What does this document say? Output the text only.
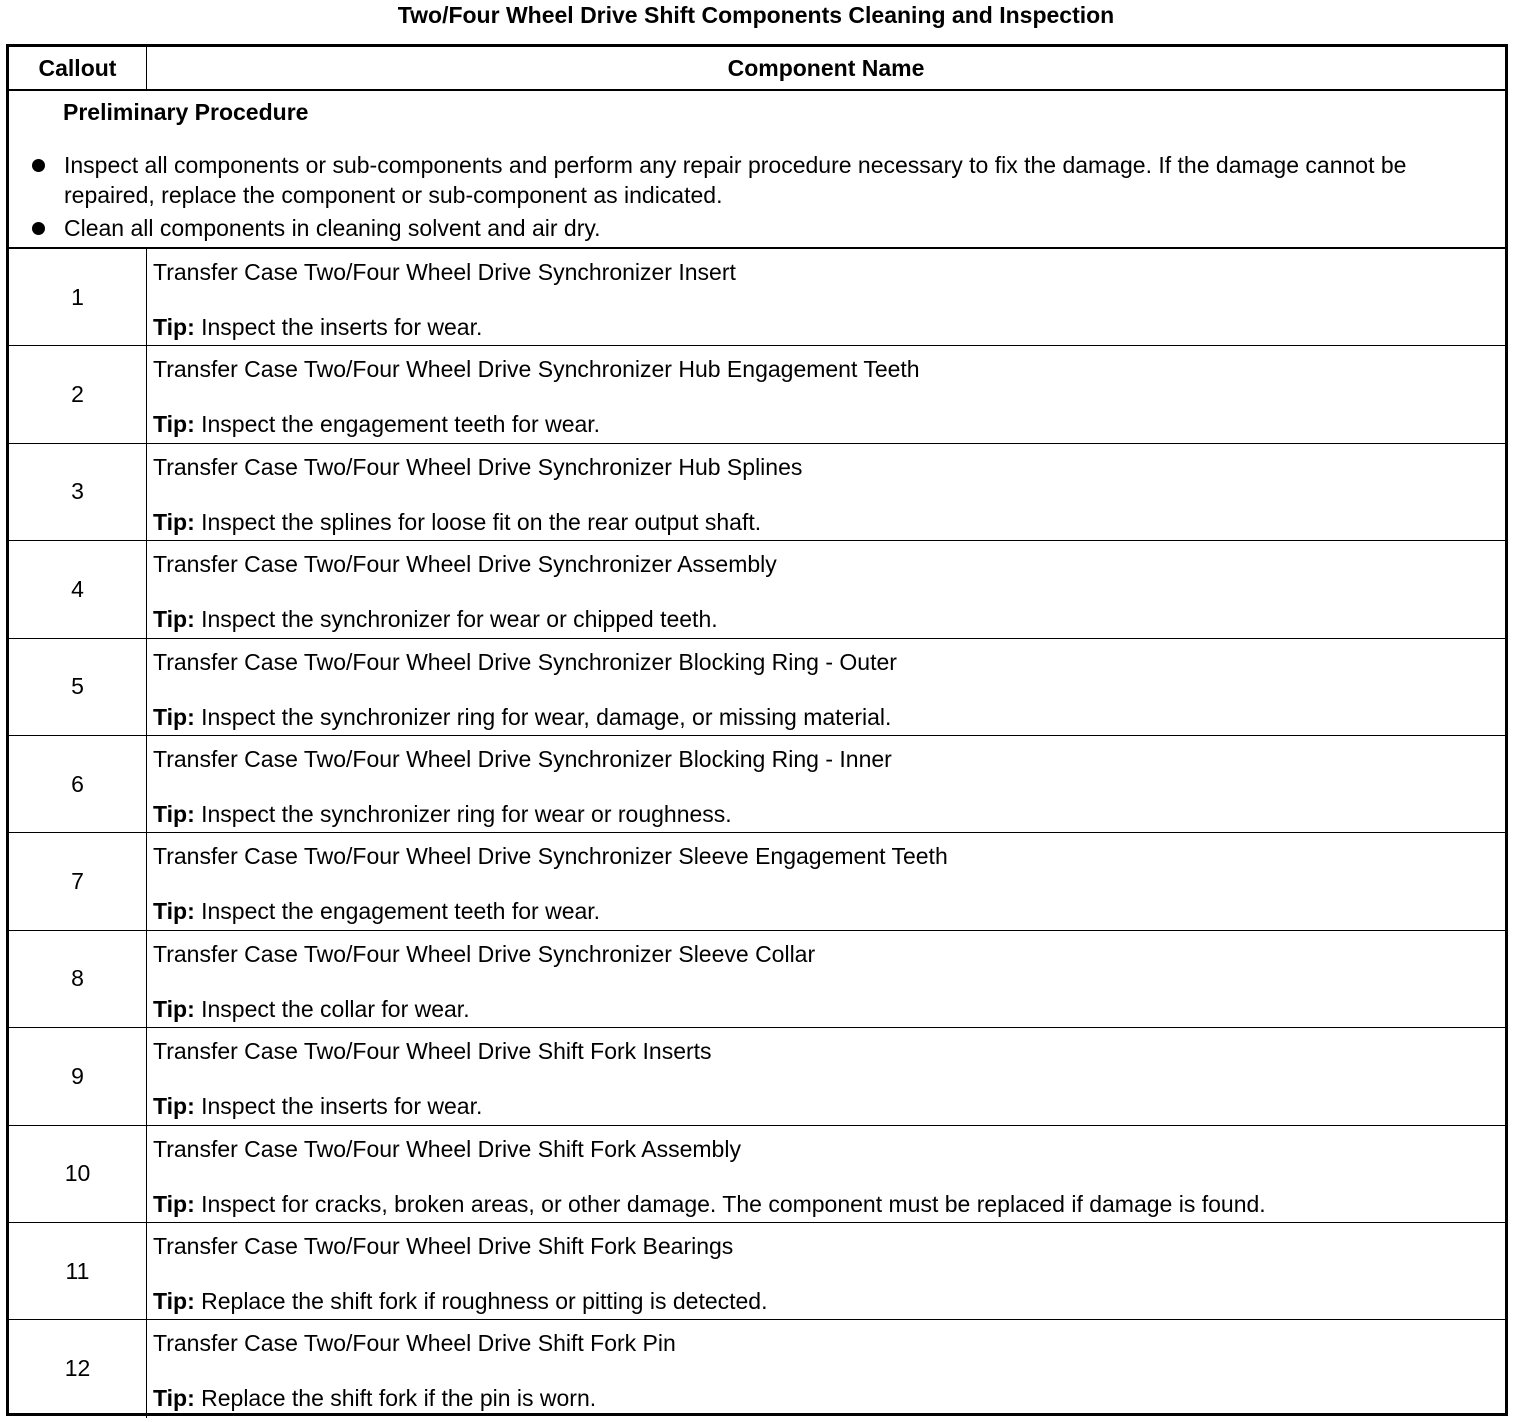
Two/Four Wheel Drive Shift Components Cleaning and Inspection
Callout	Component Name
Preliminary Procedure
Inspect all components or sub-components and perform any repair procedure necessary to fix the damage. If the damage cannot be repaired, replace the component or sub-component as indicated.
Clean all components in cleaning solvent and air dry.
1
Transfer Case Two/Four Wheel Drive Synchronizer Insert
Tip: Inspect the inserts for wear.
2
Transfer Case Two/Four Wheel Drive Synchronizer Hub Engagement Teeth
Tip: Inspect the engagement teeth for wear.
3
Transfer Case Two/Four Wheel Drive Synchronizer Hub Splines
Tip: Inspect the splines for loose fit on the rear output shaft.
4
Transfer Case Two/Four Wheel Drive Synchronizer Assembly
Tip: Inspect the synchronizer for wear or chipped teeth.
5
Transfer Case Two/Four Wheel Drive Synchronizer Blocking Ring - Outer
Tip: Inspect the synchronizer ring for wear, damage, or missing material.
6
Transfer Case Two/Four Wheel Drive Synchronizer Blocking Ring - Inner
Tip: Inspect the synchronizer ring for wear or roughness.
7
Transfer Case Two/Four Wheel Drive Synchronizer Sleeve Engagement Teeth
Tip: Inspect the engagement teeth for wear.
8
Transfer Case Two/Four Wheel Drive Synchronizer Sleeve Collar
Tip: Inspect the collar for wear.
9
Transfer Case Two/Four Wheel Drive Shift Fork Inserts
Tip: Inspect the inserts for wear.
10
Transfer Case Two/Four Wheel Drive Shift Fork Assembly
Tip: Inspect for cracks, broken areas, or other damage. The component must be replaced if damage is found.
11
Transfer Case Two/Four Wheel Drive Shift Fork Bearings
Tip: Replace the shift fork if roughness or pitting is detected.
12
Transfer Case Two/Four Wheel Drive Shift Fork Pin
Tip: Replace the shift fork if the pin is worn.
